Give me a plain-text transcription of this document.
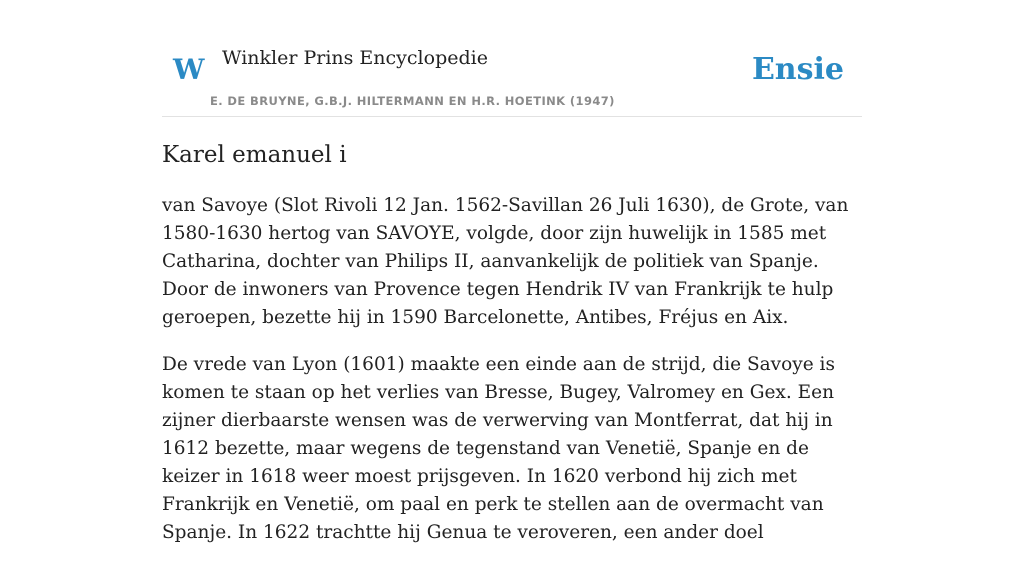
W Winkler Prins Encyclopedie
E. DE BRUYNE, G.B.J. HILTERMANN EN H.R. HOETINK (1947)
Ensie
Karel emanuel i

van Savoye (Slot Rivoli 12 Jan. 1562-Savillan 26 Juli 1630), de Grote, van 1580-1630 hertog van SAVOYE, volgde, door zijn huwelijk in 1585 met Catharina, dochter van Philips II, aanvankelijk de politiek van Spanje. Door de inwoners van Provence tegen Hendrik IV van Frankrijk te hulp geroepen, bezette hij in 1590 Barcelonette, Antibes, Fréjus en Aix.

De vrede van Lyon (1601) maakte een einde aan de strijd, die Savoye is komen te staan op het verlies van Bresse, Bugey, Valromey en Gex. Een zijner dierbaarste wensen was de verwerving van Montferrat, dat hij in 1612 bezette, maar wegens de tegenstand van Venetië, Spanje en de keizer in 1618 weer moest prijsgeven. In 1620 verbond hij zich met Frankrijk en Venetië, om paal en perk te stellen aan de overmacht van Spanje. In 1622 trachtte hij Genua te veroveren, een ander doel
